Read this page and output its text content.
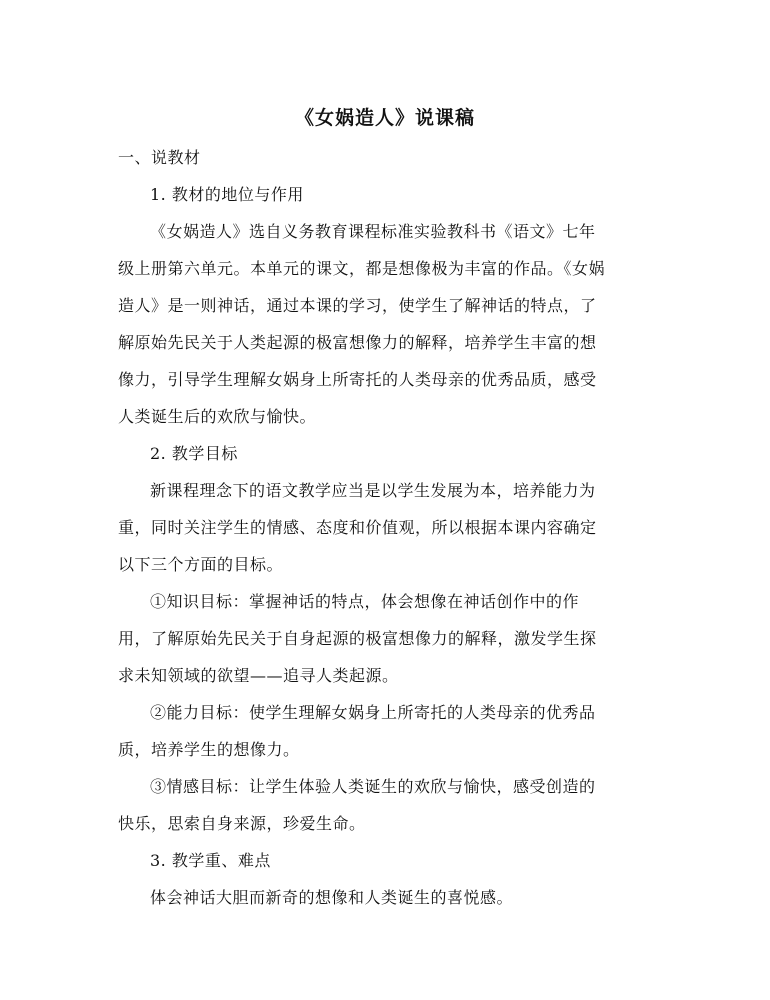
《女娲造人》说课稿
一、说教材
1. 教材的地位与作用
《女娲造人》选自义务教育课程标准实验教科书《语文》七年
级上册第六单元。本单元的课文，都是想像极为丰富的作品。《女娲
造人》是一则神话，通过本课的学习，使学生了解神话的特点，了
解原始先民关于人类起源的极富想像力的解释，培养学生丰富的想
像力，引导学生理解女娲身上所寄托的人类母亲的优秀品质，感受
人类诞生后的欢欣与愉快。
2. 教学目标
新课程理念下的语文教学应当是以学生发展为本，培养能力为
重，同时关注学生的情感、态度和价值观，所以根据本课内容确定
以下三个方面的目标。
①知识目标：掌握神话的特点，体会想像在神话创作中的作
用，了解原始先民关于自身起源的极富想像力的解释，激发学生探
求未知领域的欲望——追寻人类起源。
②能力目标：使学生理解女娲身上所寄托的人类母亲的优秀品
质，培养学生的想像力。
③情感目标：让学生体验人类诞生的欢欣与愉快，感受创造的
快乐，思索自身来源，珍爱生命。
3. 教学重、难点
体会神话大胆而新奇的想像和人类诞生的喜悦感。
